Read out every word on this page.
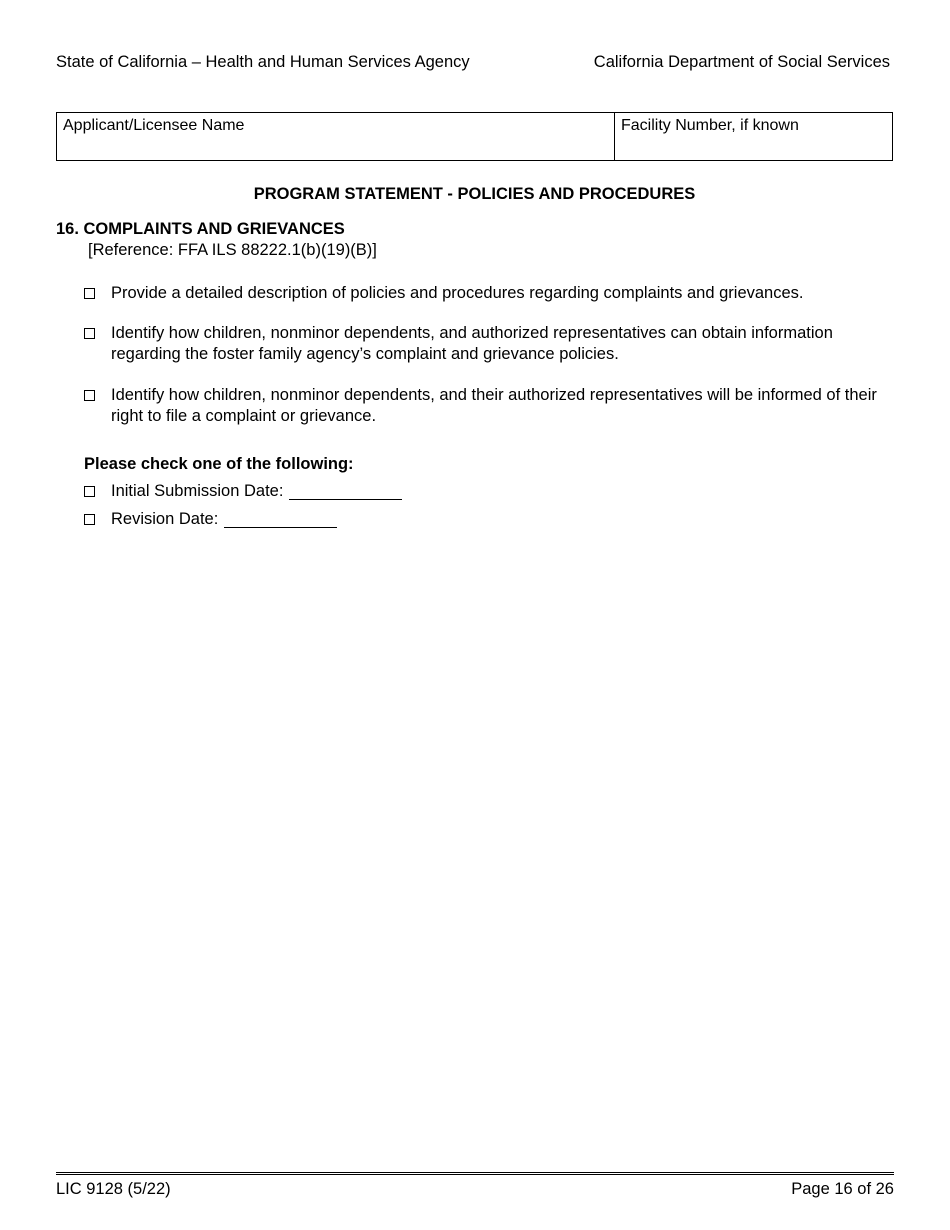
State of California – Health and Human Services Agency	California Department of Social Services
Applicant/Licensee Name	Facility Number, if known
PROGRAM STATEMENT - POLICIES AND PROCEDURES
16. COMPLAINTS AND GRIEVANCES
[Reference: FFA ILS 88222.1(b)(19)(B)]
Provide a detailed description of policies and procedures regarding complaints and grievances.
Identify how children, nonminor dependents, and authorized representatives can obtain information regarding the foster family agency’s complaint and grievance policies.
Identify how children, nonminor dependents, and their authorized representatives will be informed of their right to file a complaint or grievance.
Please check one of the following:
Initial Submission Date:
Revision Date:
LIC 9128 (5/22)	Page 16 of 26
